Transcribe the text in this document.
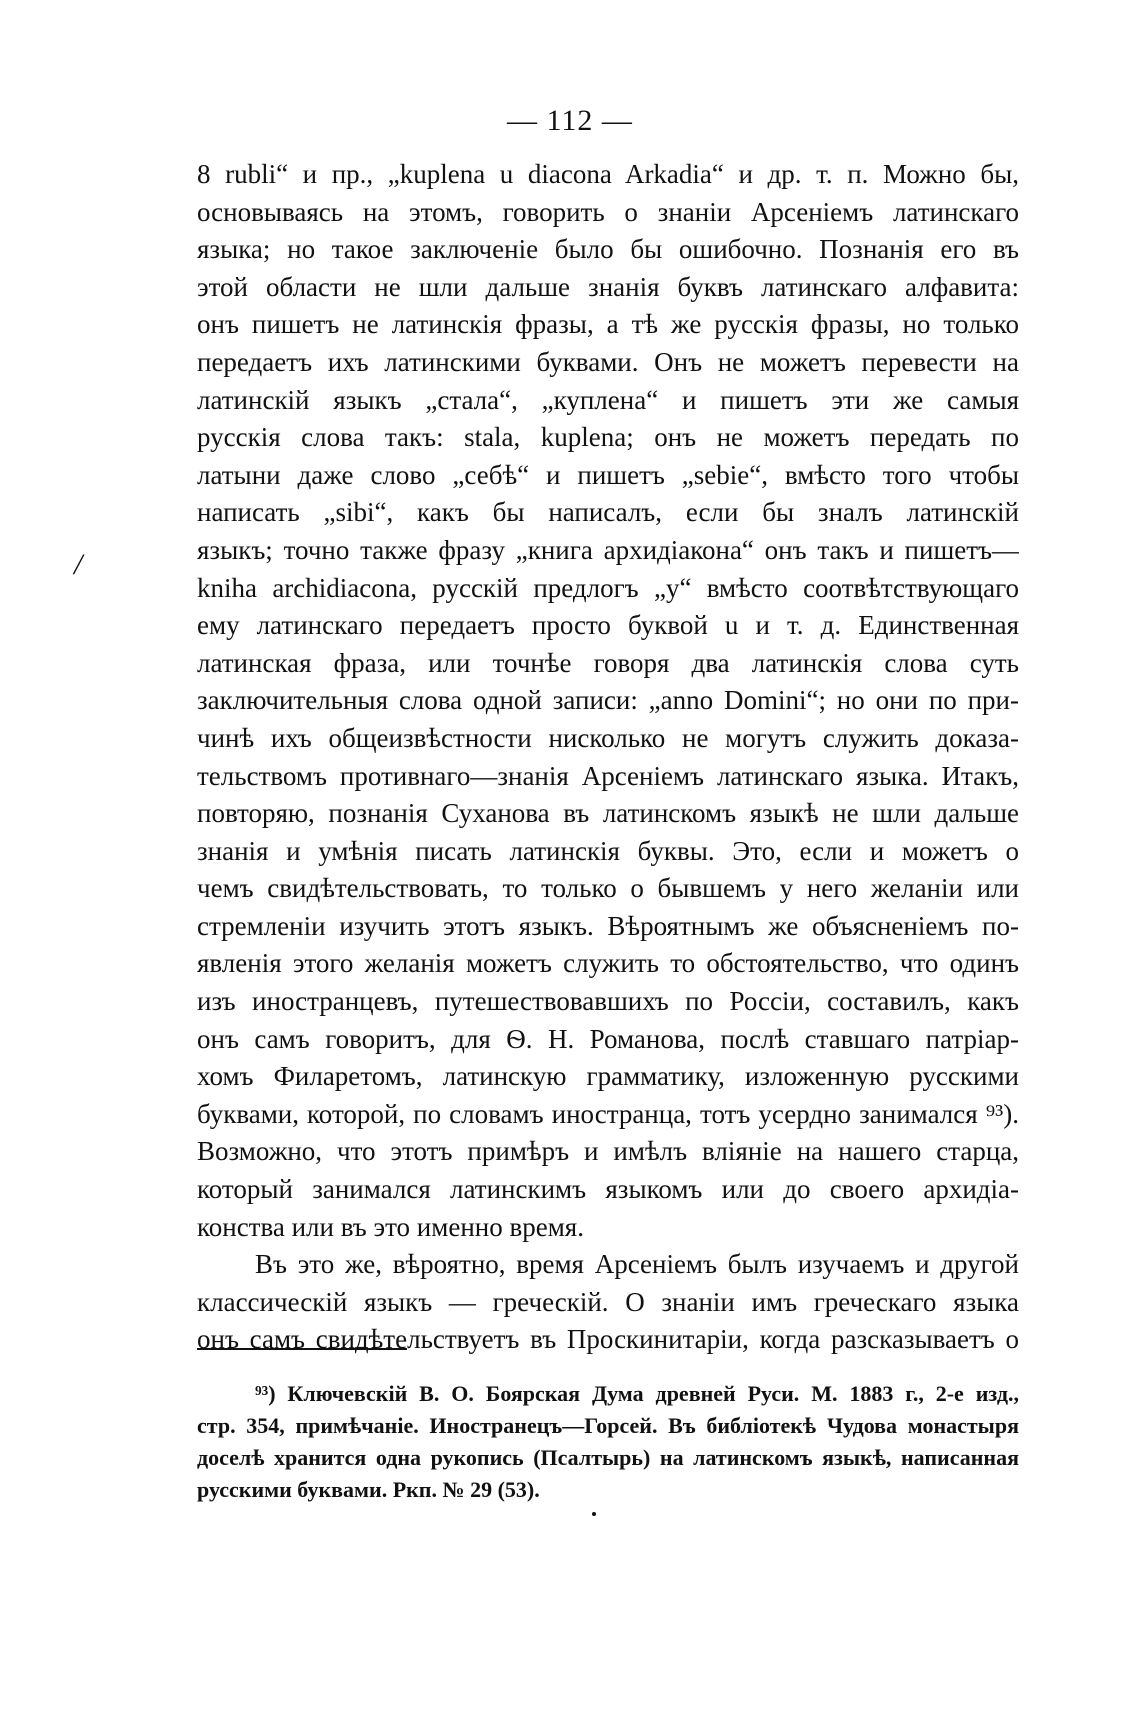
— 112 —
/
8 rubli“ и пр., „kuplena u diacona Arkadia“ и др. т. п. Можно бы,
основываясь на этомъ, говорить о знаніи Арсеніемъ латинскаго
языка; но такое заключеніе было бы ошибочно. Познанія его въ
этой области не шли дальше знанія буквъ латинскаго алфавита:
онъ пишетъ не латинскія фразы, а тѣ же русскія фразы, но только
передаетъ ихъ латинскими буквами. Онъ не можетъ перевести на
латинскій языкъ „стала“, „куплена“ и пишетъ эти же самыя
русскія слова такъ: stala, kuplena; онъ не можетъ передать по
латыни даже слово „себѣ“ и пишетъ „sebie“, вмѣсто того чтобы
написать „sibi“, какъ бы написалъ, если бы зналъ латинскій
языкъ; точно также фразу „книга архидіакона“ онъ такъ и пишетъ—
kniha archidiacona, русскій предлогъ „у“ вмѣсто соотвѣтствующаго
ему латинскаго передаетъ просто буквой u и т. д. Единственная
латинская фраза, или точнѣе говоря два латинскія слова суть
заключительныя слова одной записи: „anno Domini“; но они по при-
чинѣ ихъ общеизвѣстности нисколько не могутъ служить доказа-
тельствомъ противнаго—знанія Арсеніемъ латинскаго языка. Итакъ,
повторяю, познанія Суханова въ латинскомъ языкѣ не шли дальше
знанія и умѣнія писать латинскія буквы. Это, если и можетъ о
чемъ свидѣтельствовать, то только о бывшемъ у него желаніи или
стремленіи изучить этотъ языкъ. Вѣроятнымъ же объясненіемъ по-
явленія этого желанія можетъ служить то обстоятельство, что одинъ
изъ иностранцевъ, путешествовавшихъ по Россіи, составилъ, какъ
онъ самъ говоритъ, для Ѳ. Н. Романова, послѣ ставшаго патріар-
хомъ Филаретомъ, латинскую грамматику, изложенную русскими
буквами, которой, по словамъ иностранца, тотъ усердно занимался ⁹³).
Возможно, что этотъ примѣръ и имѣлъ вліяніе на нашего старца,
который занимался латинскимъ языкомъ или до своего архидіа-
конства или въ это именно время.
Въ это же, вѣроятно, время Арсеніемъ былъ изучаемъ и другой
классическій языкъ — греческій. О знаніи имъ греческаго языка
онъ самъ свидѣтельствуетъ въ Проскинитаріи, когда разсказываетъ о
⁹³) Ключевскій В. О. Боярская Дума древней Руси. М. 1883 г., 2-е изд.,
стр. 354, примѣчаніе. Иностранецъ—Горсей. Въ библіотекѣ Чудова монастыря
доселѣ хранится одна рукопись (Псалтырь) на латинскомъ языкѣ, написанная
русскими буквами. Ркп. № 29 (53).
